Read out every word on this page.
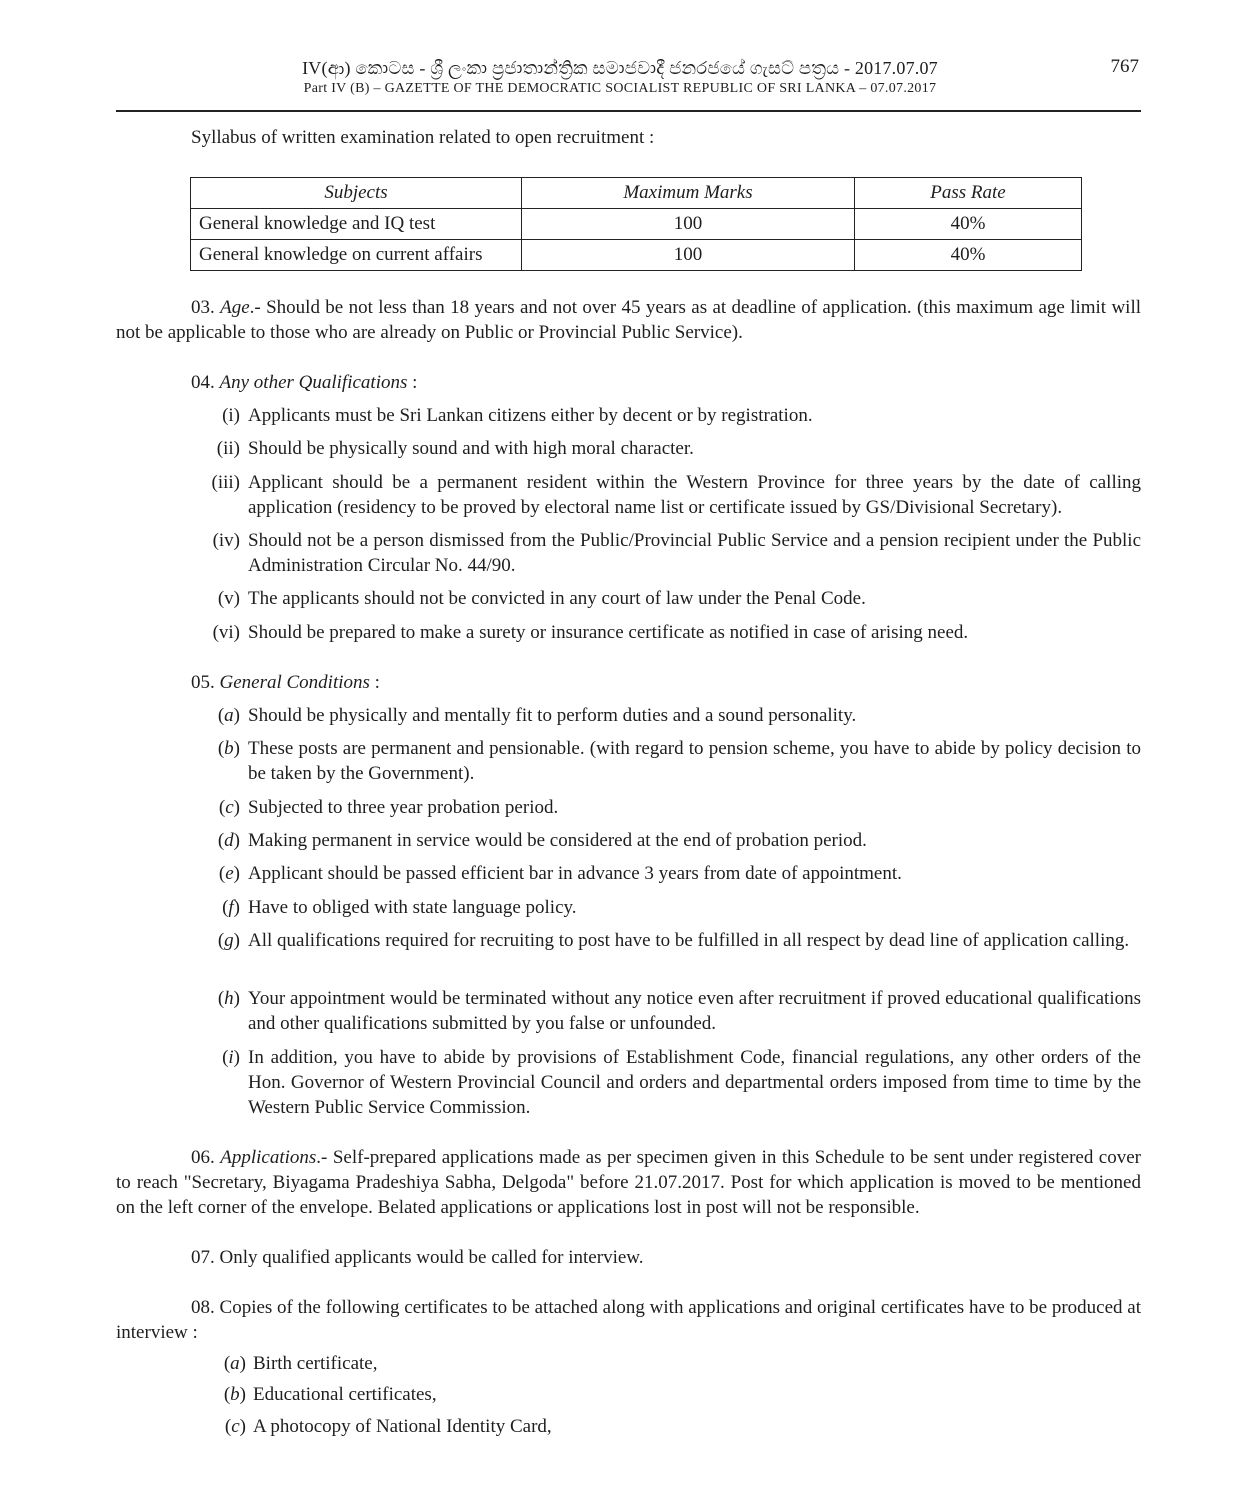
IV(ආ) කොටස - ශ්‍රී ලංකා ප්‍රජාතාන්ත්‍රික සමාජවාදී ජනරජයේ ගැසට් පත්‍රය - 2017.07.07
Part IV (B) – GAZETTE OF THE DEMOCRATIC SOCIALIST REPUBLIC OF SRI LANKA – 07.07.2017
767
Syllabus of written examination related to open recruitment :
Subjects	Maximum Marks	Pass Rate
General knowledge and IQ test	100	40%
General knowledge on current affairs	100	40%
03. Age.- Should be not less than 18 years and not over 45 years as at deadline of application. (this maximum age limit will not be applicable to those who are already on Public or Provincial Public Service).
04. Any other Qualifications :
(i) Applicants must be Sri Lankan citizens either by decent or by registration.
(ii) Should be physically sound and with high moral character.
(iii) Applicant should be a permanent resident within the Western Province for three years by the date of calling application (residency to be proved by electoral name list or certificate issued by GS/Divisional Secretary).
(iv) Should not be a person dismissed from the Public/Provincial Public Service and a pension recipient under the Public Administration Circular No. 44/90.
(v) The applicants should not be convicted in any court of law under the Penal Code.
(vi) Should be prepared to make a surety or insurance certificate as notified in case of arising need.
05. General Conditions :
(a) Should be physically and mentally fit to perform duties and a sound personality.
(b) These posts are permanent and pensionable. (with regard to pension scheme, you have to abide by policy decision to be taken by the Government).
(c) Subjected to three year probation period.
(d) Making permanent in service would be considered at the end of probation period.
(e) Applicant should be passed efficient bar in advance 3 years from date of appointment.
(f) Have to obliged with state language policy.
(g) All qualifications required for recruiting to post have to be fulfilled in all respect by dead line of application calling.
(h) Your appointment would be terminated without any notice even after recruitment if proved educational qualifications and other qualifications submitted by you false or unfounded.
(i) In addition, you have to abide by provisions of Establishment Code, financial regulations, any other orders of the Hon. Governor of Western Provincial Council and orders and departmental orders imposed from time to time by the Western Public Service Commission.
06. Applications.- Self-prepared applications made as per specimen given in this Schedule to be sent under registered cover to reach "Secretary, Biyagama Pradeshiya Sabha, Delgoda" before 21.07.2017. Post for which application is moved to be mentioned on the left corner of the envelope. Belated applications or applications lost in post will not be responsible.
07. Only qualified applicants would be called for interview.
08. Copies of the following certificates to be attached along with applications and original certificates have to be produced at interview :
(a) Birth certificate,
(b) Educational certificates,
(c) A photocopy of National Identity Card,
